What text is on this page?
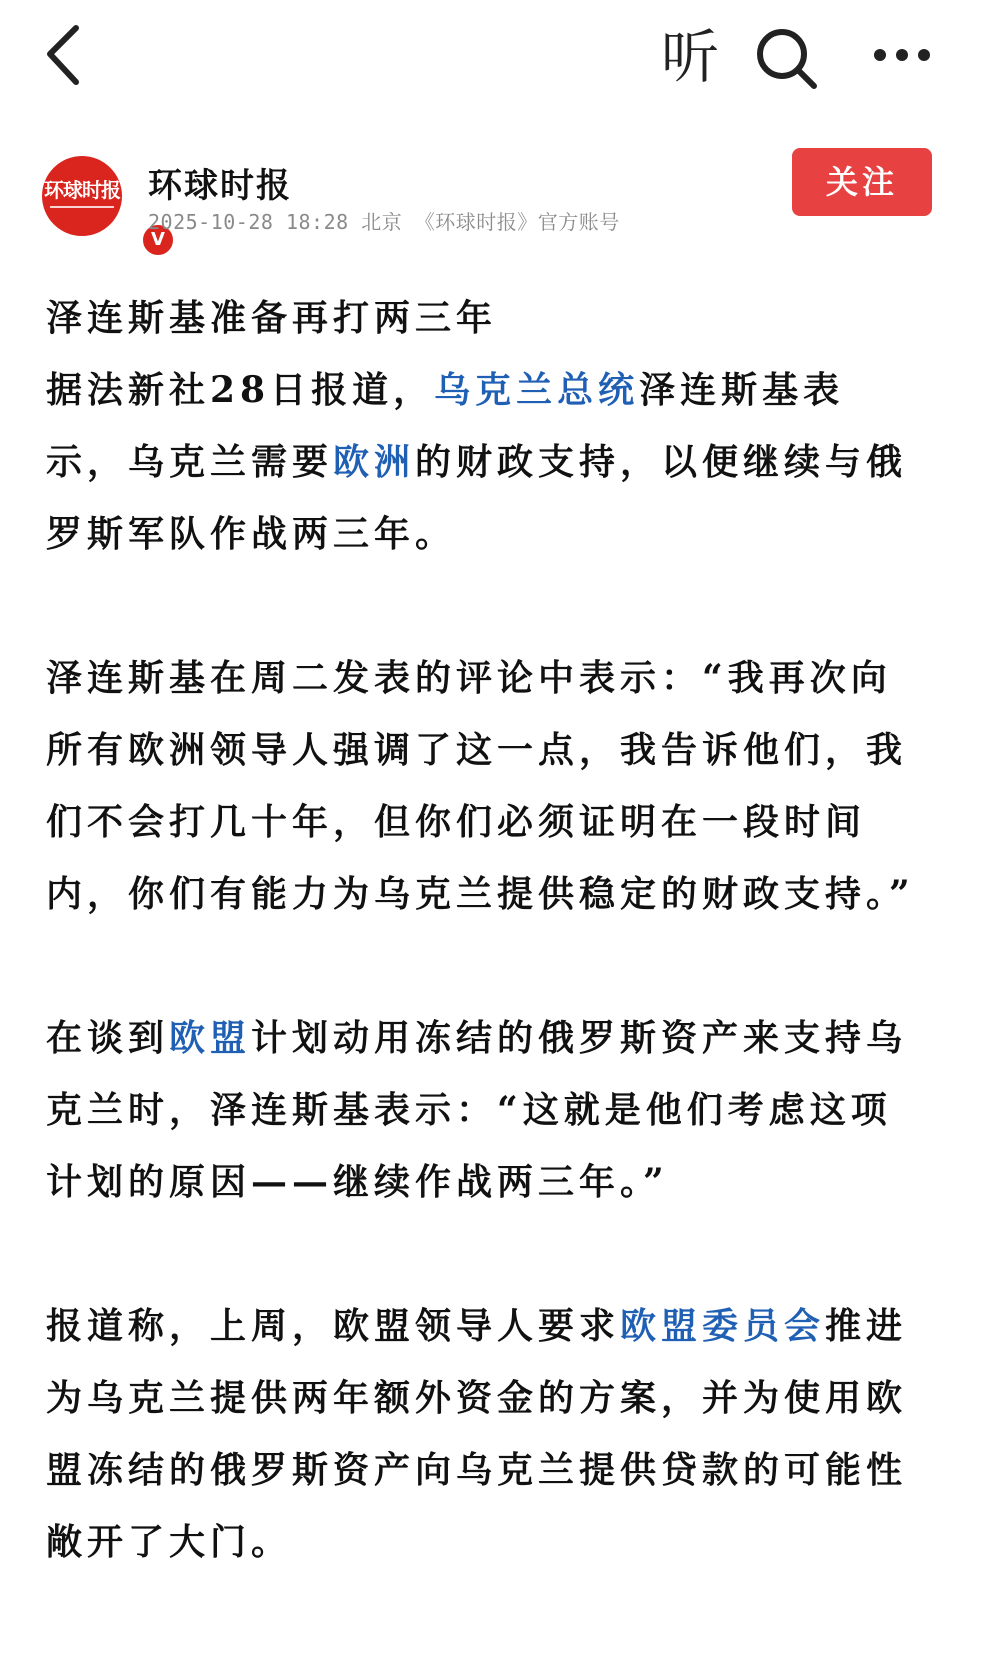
听
环球时报
V
环球时报
2025-10-28 18:28 北京 《环球时报》官方账号
关注

泽连斯基准备再打两三年

据法新社28日报道，乌克兰总统泽连斯基表示，乌克兰需要欧洲的财政支持，以便继续与俄罗斯军队作战两三年。

泽连斯基在周二发表的评论中表示：“我再次向所有欧洲领导人强调了这一点，我告诉他们，我们不会打几十年，但你们必须证明在一段时间内，你们有能力为乌克兰提供稳定的财政支持。”

在谈到欧盟计划动用冻结的俄罗斯资产来支持乌克兰时，泽连斯基表示：“这就是他们考虑这项计划的原因——继续作战两三年。”

报道称，上周，欧盟领导人要求欧盟委员会推进为乌克兰提供两年额外资金的方案，并为使用欧盟冻结的俄罗斯资产向乌克兰提供贷款的可能性敞开了大门。
